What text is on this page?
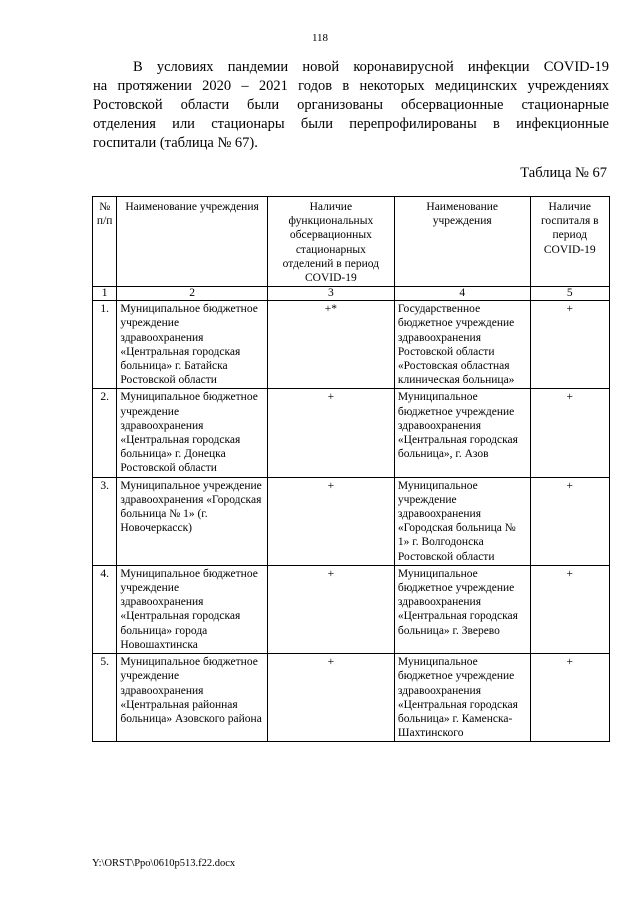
118
В условиях пандемии новой коронавирусной инфекции COVID-19
на протяжении 2020 – 2021 годов в некоторых медицинских учреждениях
Ростовской области были организованы обсервационные стационарные
отделения или стационары были перепрофилированы в инфекционные
госпитали (таблица № 67).
Таблица № 67
№ п/п	Наименование учреждения	Наличие функциональных обсервационных стационарных отделений в период COVID-19	Наименование учреждения	Наличие госпиталя в период COVID-19
1	2	3	4	5
1.	Муниципальное бюджетное учреждение здравоохранения «Центральная городская больница» г. Батайска Ростовской области	+*	Государственное бюджетное учреждение здравоохранения Ростовской области «Ростовская областная клиническая больница»	+
2.	Муниципальное бюджетное учреждение здравоохранения «Центральная городская больница» г. Донецка Ростовской области	+	Муниципальное бюджетное учреждение здравоохранения «Центральная городская больница», г. Азов	+
3.	Муниципальное учреждение здравоохранения «Городская больница № 1» (г. Новочеркасск)	+	Муниципальное учреждение здравоохранения «Городская больница № 1» г. Волгодонска Ростовской области	+
4.	Муниципальное бюджетное учреждение здравоохранения «Центральная городская больница» города Новошахтинска	+	Муниципальное бюджетное учреждение здравоохранения «Центральная городская больница» г. Зверево	+
5.	Муниципальное бюджетное учреждение здравоохранения «Центральная районная больница» Азовского района	+	Муниципальное бюджетное учреждение здравоохранения «Центральная городская больница» г. Каменска-Шахтинского	+
Y:\ORST\Ppo\0610p513.f22.docx
